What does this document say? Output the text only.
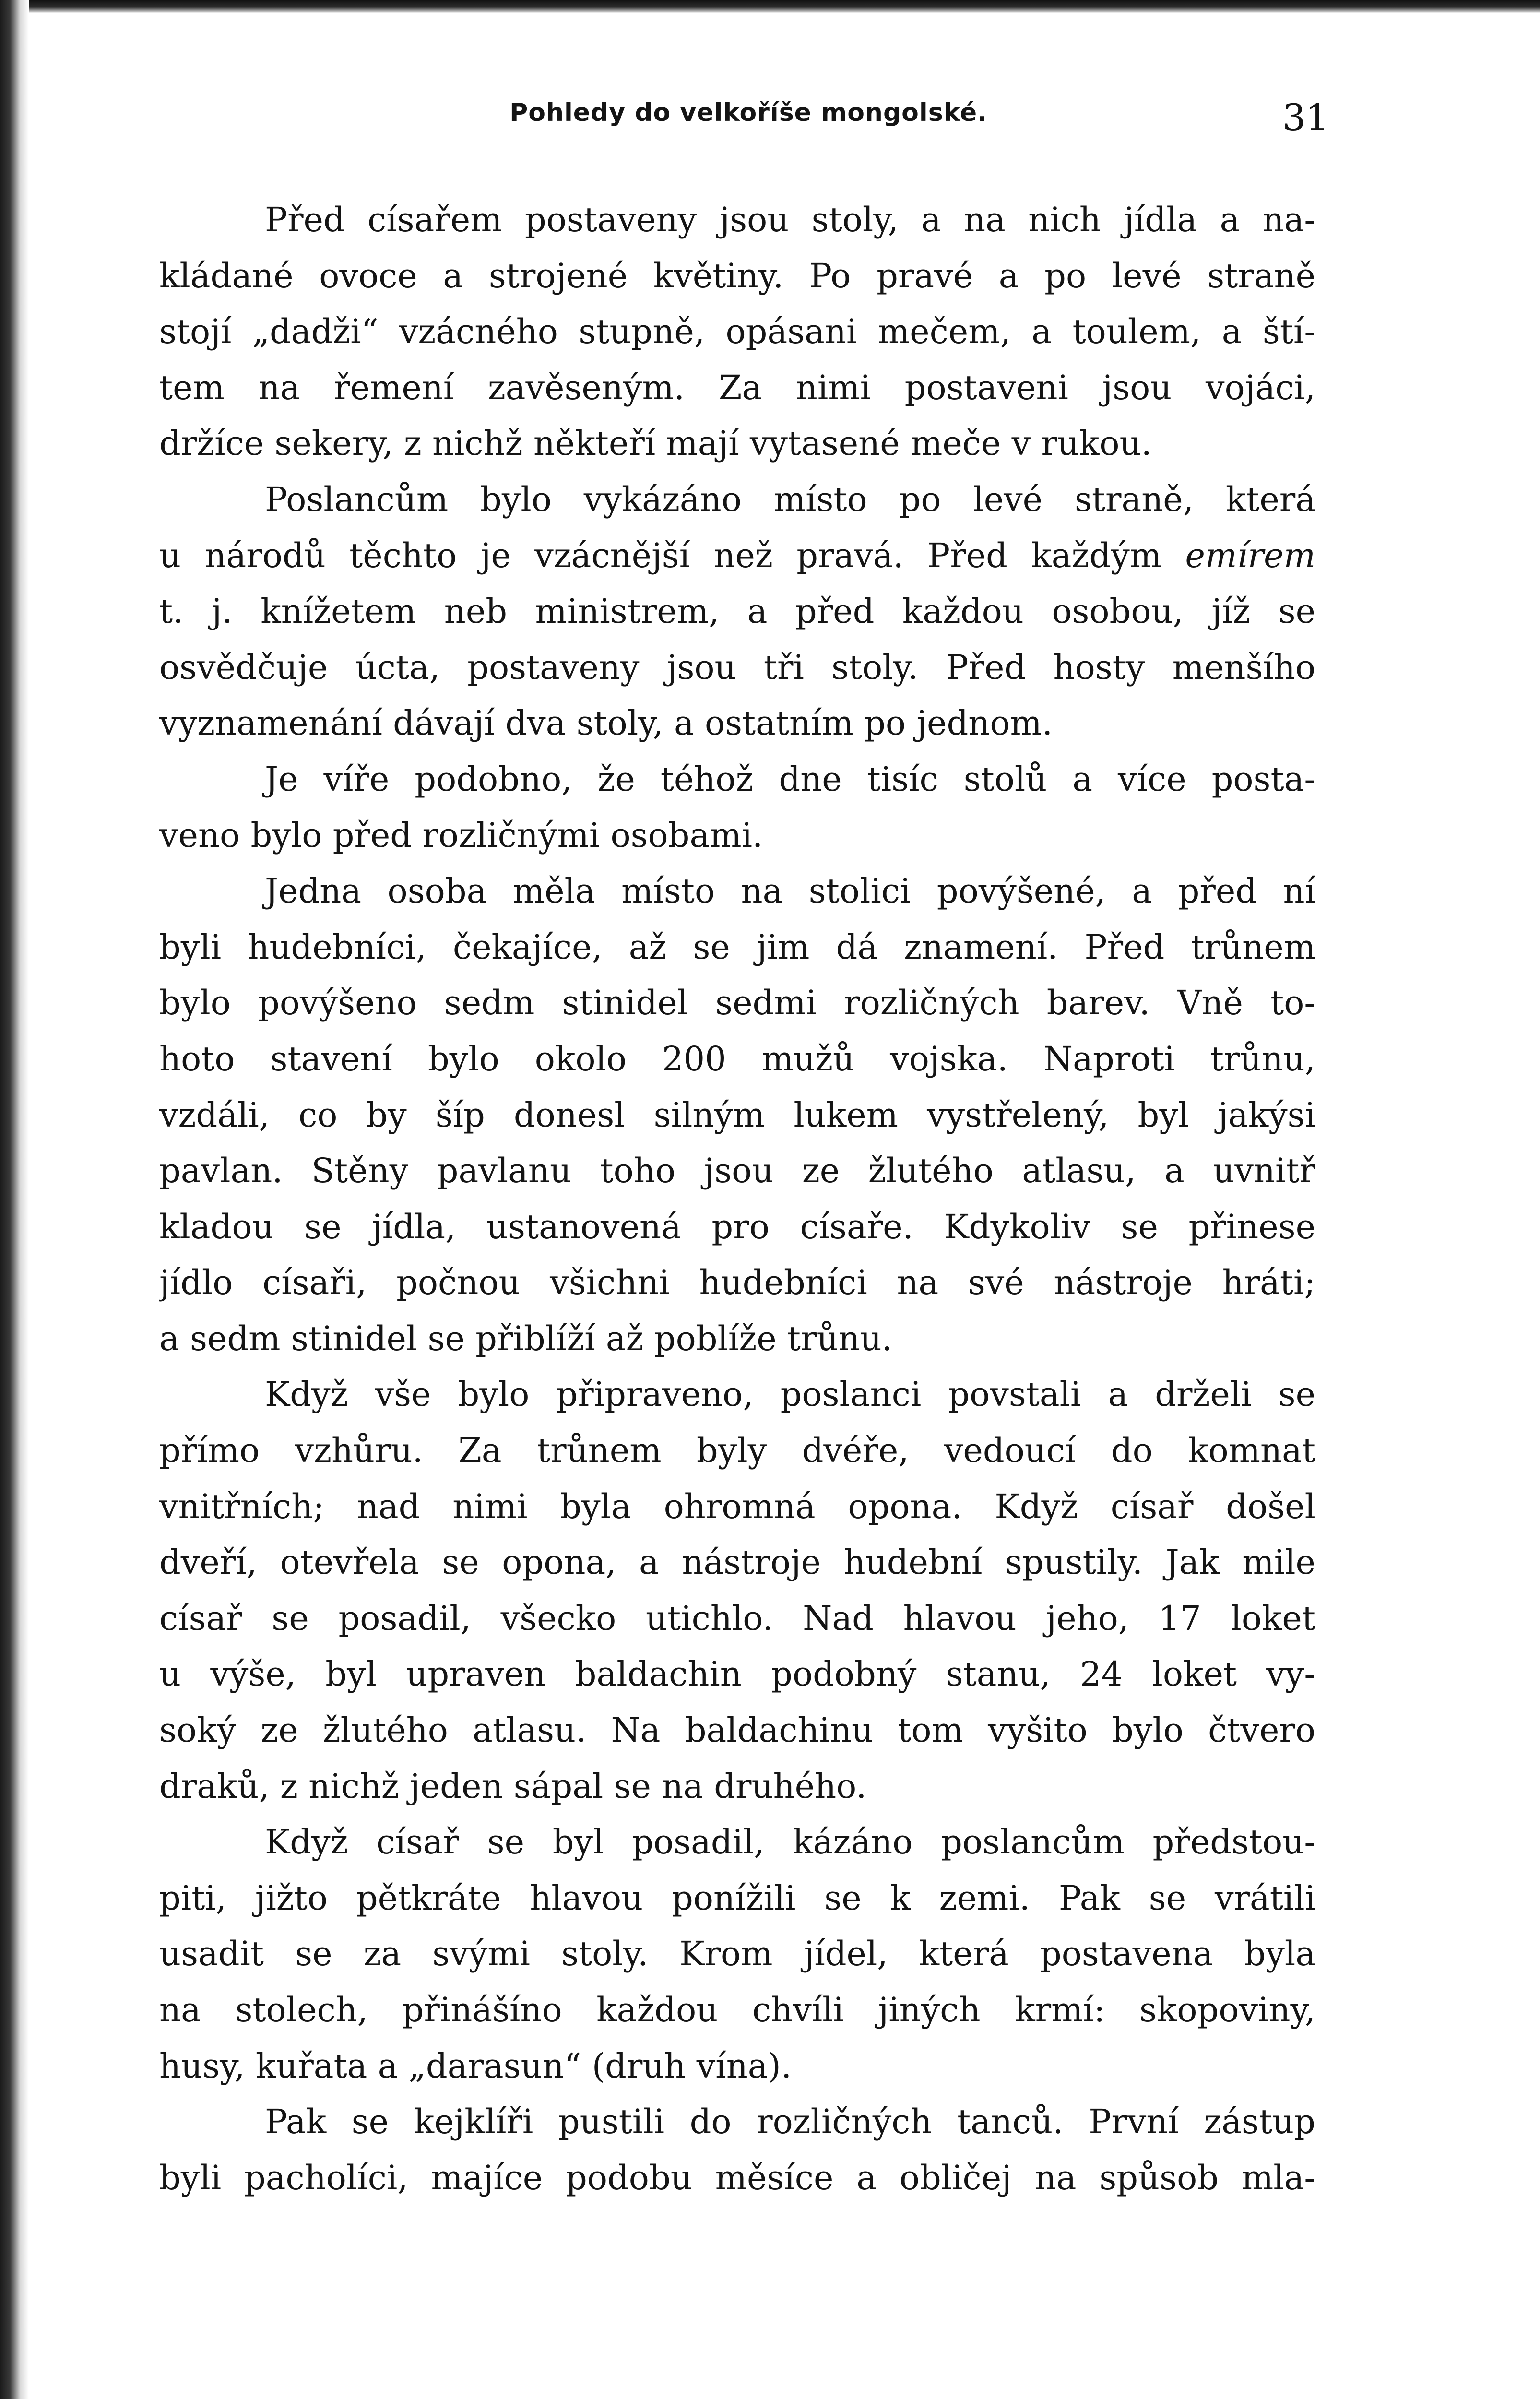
Pohledy do velkoříše mongolské.	31
Před císařem postaveny jsou stoly, a na nich jídla a na-
kládané ovoce a strojené květiny. Po pravé a po levé straně
stojí „dadži“ vzácného stupně, opásani mečem, a toulem, a ští-
tem na řemení zavěseným. Za nimi postaveni jsou vojáci,
držíce sekery, z nichž někteří mají vytasené meče v rukou.
Poslancům bylo vykázáno místo po levé straně, která
u národů těchto je vzácnější než pravá. Před každým emírem
t. j. knížetem neb ministrem, a před každou osobou, jíž se
osvědčuje úcta, postaveny jsou tři stoly. Před hosty menšího
vyznamenání dávají dva stoly, a ostatním po jednom.
Je víře podobno, že téhož dne tisíc stolů a více posta-
veno bylo před rozličnými osobami.
Jedna osoba měla místo na stolici povýšené, a před ní
byli hudebníci, čekajíce, až se jim dá znamení. Před trůnem
bylo povýšeno sedm stinidel sedmi rozličných barev. Vně to-
hoto stavení bylo okolo 200 mužů vojska. Naproti trůnu,
vzdáli, co by šíp donesl silným lukem vystřelený, byl jakýsi
pavlan. Stěny pavlanu toho jsou ze žlutého atlasu, a uvnitř
kladou se jídla, ustanovená pro císaře. Kdykoliv se přinese
jídlo císaři, počnou všichni hudebníci na své nástroje hráti;
a sedm stinidel se přiblíží až poblíže trůnu.
Když vše bylo připraveno, poslanci povstali a drželi se
přímo vzhůru. Za trůnem byly dvéře, vedoucí do komnat
vnitřních; nad nimi byla ohromná opona. Když císař došel
dveří, otevřela se opona, a nástroje hudební spustily. Jak mile
císař se posadil, všecko utichlo. Nad hlavou jeho, 17 loket
u výše, byl upraven baldachin podobný stanu, 24 loket vy-
soký ze žlutého atlasu. Na baldachinu tom vyšito bylo čtvero
draků, z nichž jeden sápal se na druhého.
Když císař se byl posadil, kázáno poslancům předstou-
piti, jižto pětkráte hlavou ponížili se k zemi. Pak se vrátili
usadit se za svými stoly. Krom jídel, která postavena byla
na stolech, přinášíno každou chvíli jiných krmí: skopoviny,
husy, kuřata a „darasun“ (druh vína).
Pak se kejklíři pustili do rozličných tanců. První zástup
byli pacholíci, majíce podobu měsíce a obličej na spůsob mla-
